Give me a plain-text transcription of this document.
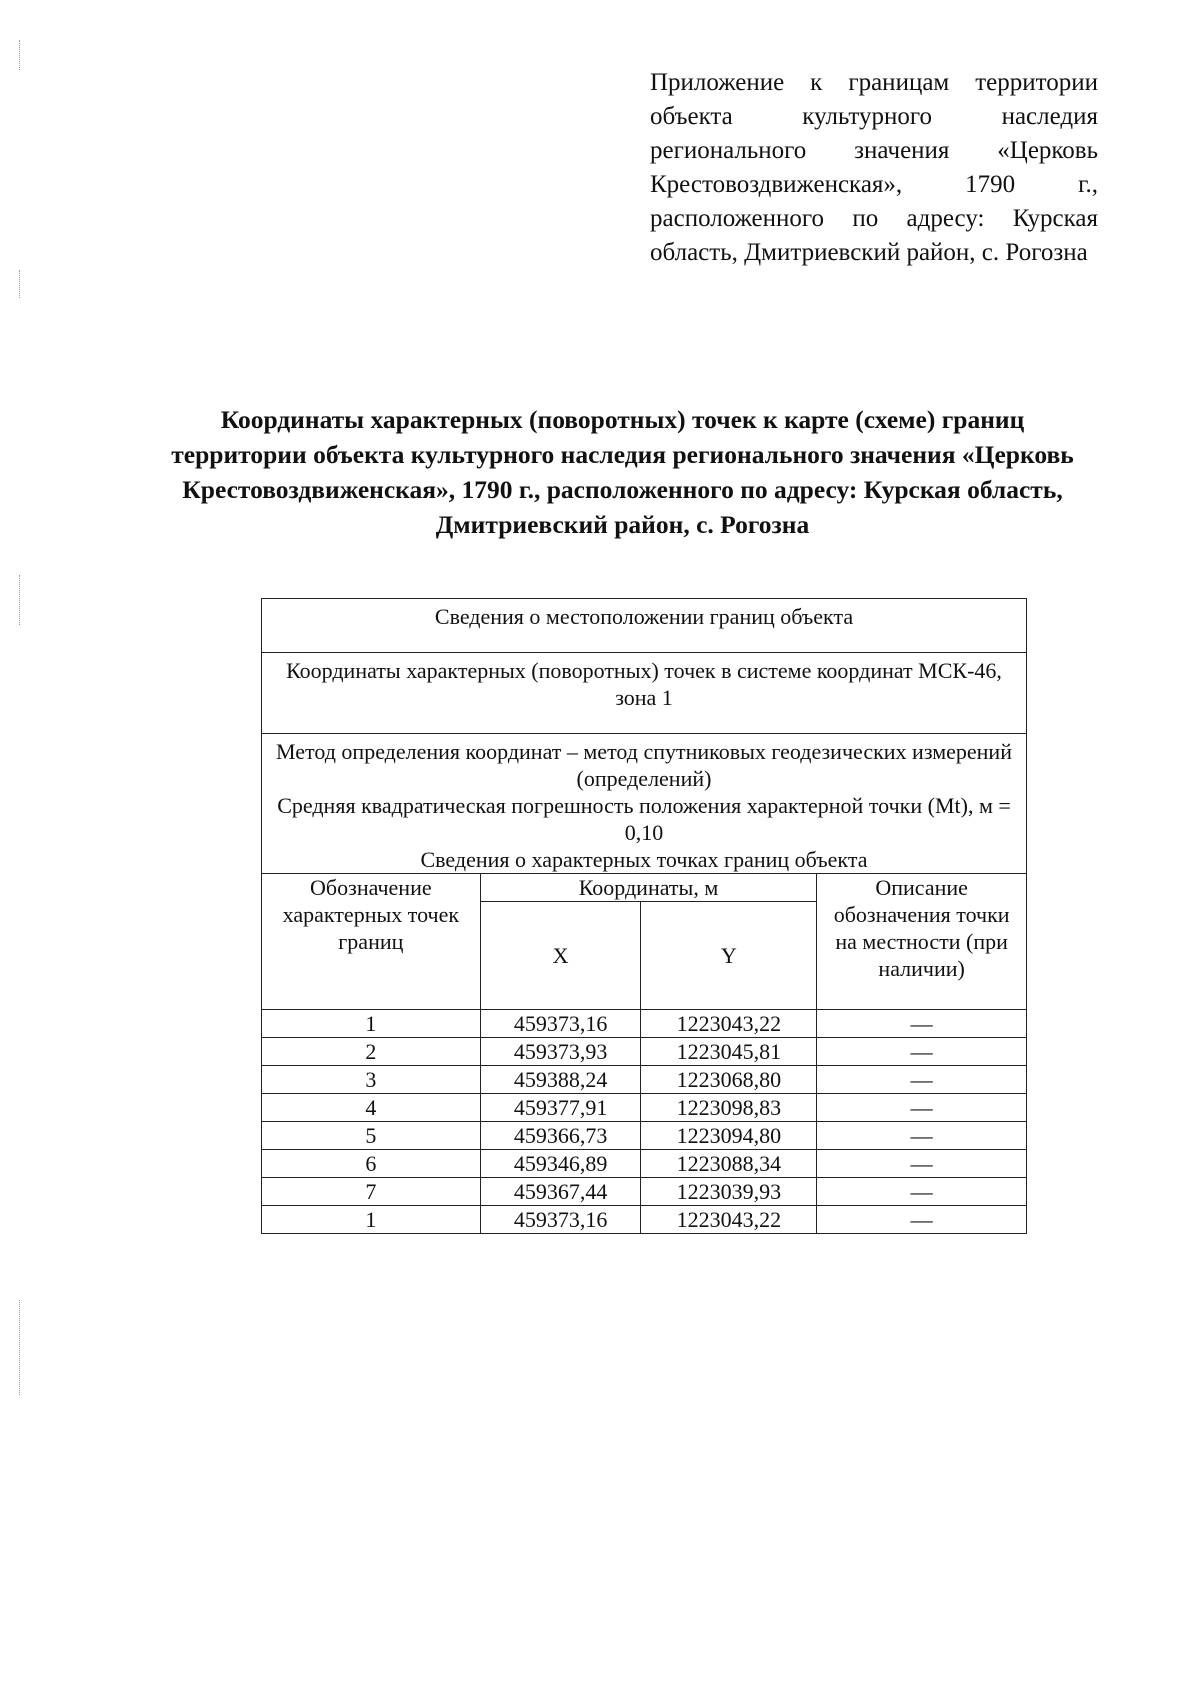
Приложение к границам территории объекта культурного наследия регионального значения «Церковь Крестовоздвиженская», 1790 г., расположенного по адресу: Курская область, Дмитриевский район, с. Рогозна
Координаты характерных (поворотных) точек к карте (схеме) границ территории объекта культурного наследия регионального значения «Церковь Крестовоздвиженская», 1790 г., расположенного по адресу: Курская область, Дмитриевский район, с. Рогозна
Сведения о местоположении границ объекта			
Координаты характерных (поворотных) точек в системе координат МСК-46, зона 1			

Метод определения координат – метод спутниковых геодезических измерений (определений)
Средняя квадратическая погрешность положения характерной точки (Mt), м = 0,10
Сведения о характерных точках границ объекта			

Обозначение характерных точек границ	Координаты, м		Описание обозначения точки на местности (при наличии)
	X	Y	
1	459373,16	1223043,22	—
2	459373,93	1223045,81	—
3	459388,24	1223068,80	—
4	459377,91	1223098,83	—
5	459366,73	1223094,80	—
6	459346,89	1223088,34	—
7	459367,44	1223039,93	—
1	459373,16	1223043,22	—
